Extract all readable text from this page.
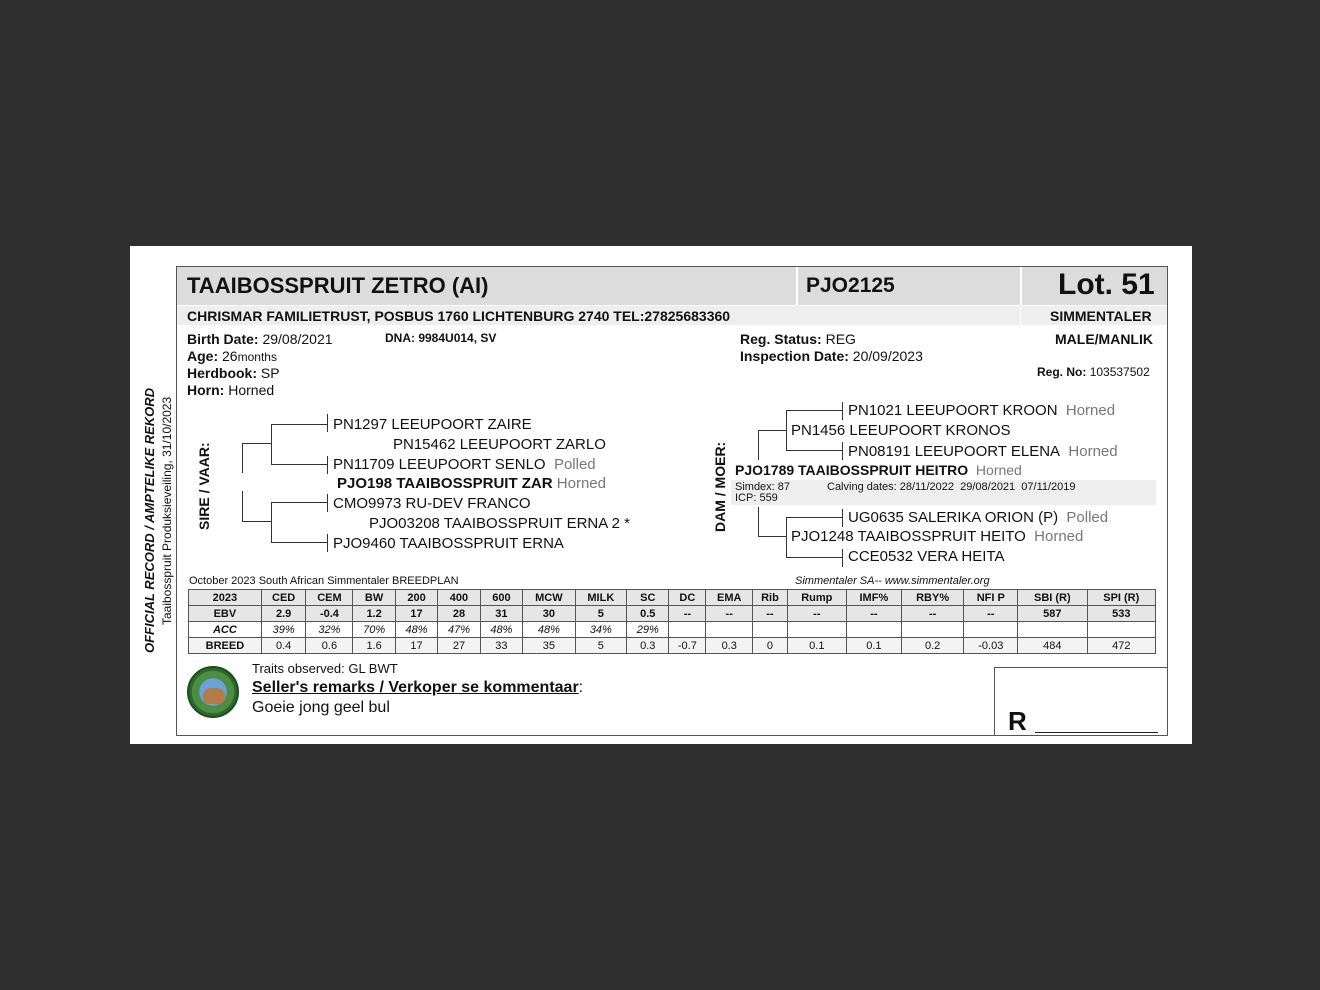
TAAIBOSSPRUIT ZETRO (AI)	PJO2125	Lot. 51
CHRISMAR FAMILIETRUST, POSBUS 1760 LICHTENBURG 2740 TEL:27825683360	SIMMENTALER
Birth Date: 29/08/2021	DNA: 9984U014, SV
Age: 26months
Herdbook: SP
Horn: Horned
Reg. Status: REG
Inspection Date: 20/09/2023
MALE/MANLIK
Reg. No: 103537502
OFFICIAL RECORD / AMPTELIKE REKORD Taaibosspruit Produksieveiling, 31/10/2023 SIRE / VAAR:
PN1297 LEEUPOORT ZAIRE
PN15462 LEEUPOORT ZARLO
PN11709 LEEUPOORT SENLO Polled
PJO198 TAAIBOSSPRUIT ZAR Horned
CMO9973 RU-DEV FRANCO
PJO03208 TAAIBOSSPRUIT ERNA 2 *
PJO9460 TAAIBOSSPRUIT ERNA
DAM / MOER:
PN1021 LEEUPOORT KROON Horned
PN1456 LEEUPOORT KRONOS
PN08191 LEEUPOORT ELENA Horned
PJO1789 TAAIBOSSPRUIT HEITRO Horned
Simdex: 87
ICP: 559
Calving dates: 28/11/2022  29/08/2021  07/11/2019
UG0635 SALERIKA ORION (P) Polled
PJO1248 TAAIBOSSPRUIT HEITO Horned
CCE0532 VERA HEITA
October 2023 South African Simmentaler BREEDPLAN	Simmentaler SA-- www.simmentaler.org
2023	CED	CEM	BW	200	400	600	MCW	MILK	SC	DC	EMA	Rib	Rump	IMF%	RBY%	NFI P	SBI (R)	SPI (R)
EBV	2.9	-0.4	1.2	17	28	31	30	5	0.5	--	--	--	--	--	--	--	587	533
ACC	39%	32%	70%	48%	47%	48%	48%	34%	29%									
BREED	0.4	0.6	1.6	17	27	33	35	5	0.3	-0.7	0.3	0	0.1	0.1	0.2	-0.03	484	472
Traits observed: GL BWT
Seller's remarks / Verkoper se kommentaar:
Goeie jong geel bul	R
